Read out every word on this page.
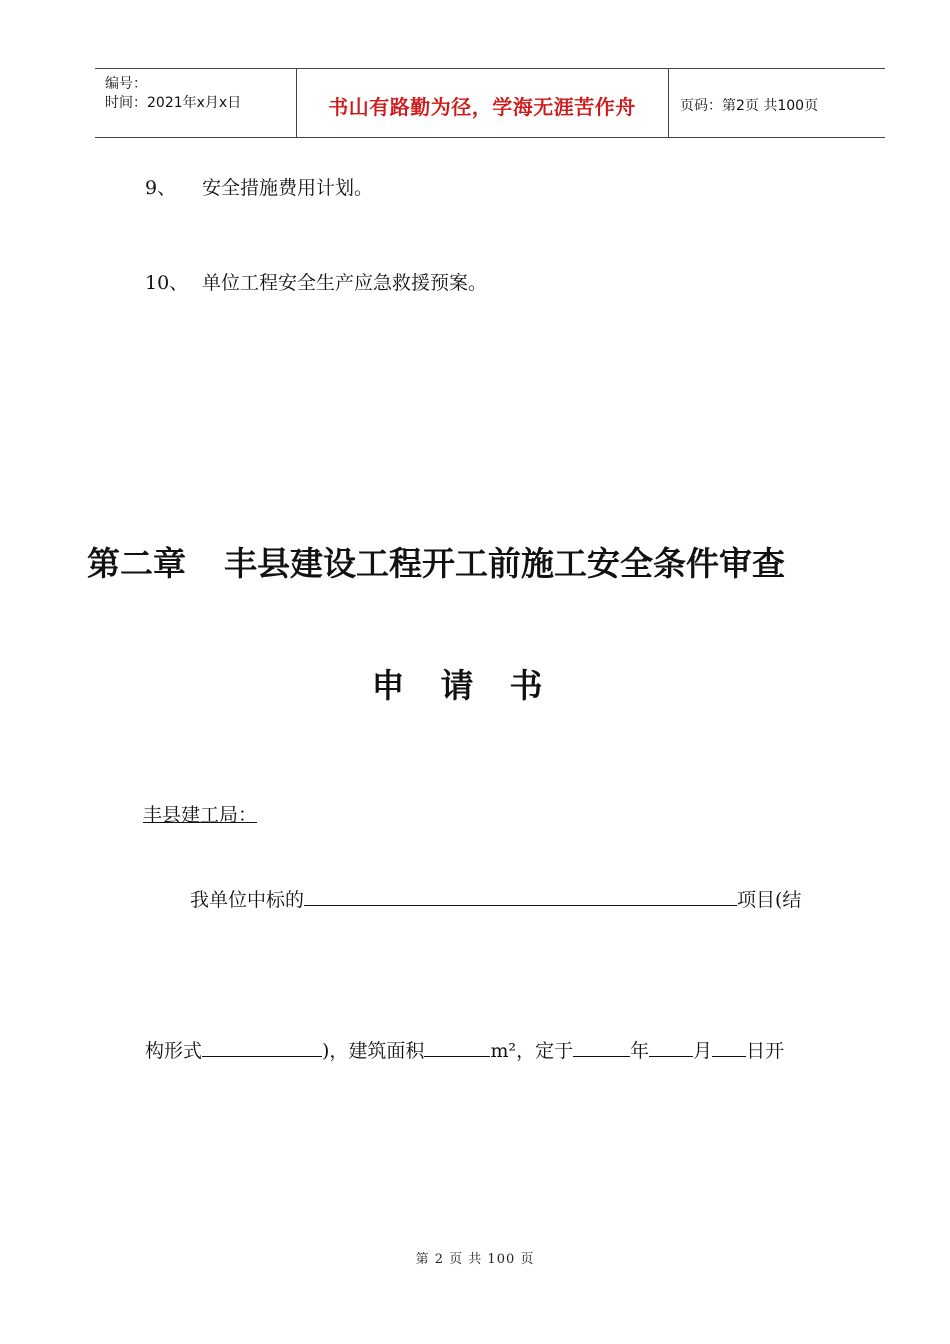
编号：
时间：2021年x月x日	书山有路勤为径，学海无涯苦作舟	页码：第2页 共100页
9、 安全措施费用计划。
10、 单位工程安全生产应急救援预案。
第二章 丰县建设工程开工前施工安全条件审查
申请书
丰县建工局：
我单位中标的	项目(结
构形式	)，建筑面积	m²，定于	年 月 日开
第 2 页 共 100 页
